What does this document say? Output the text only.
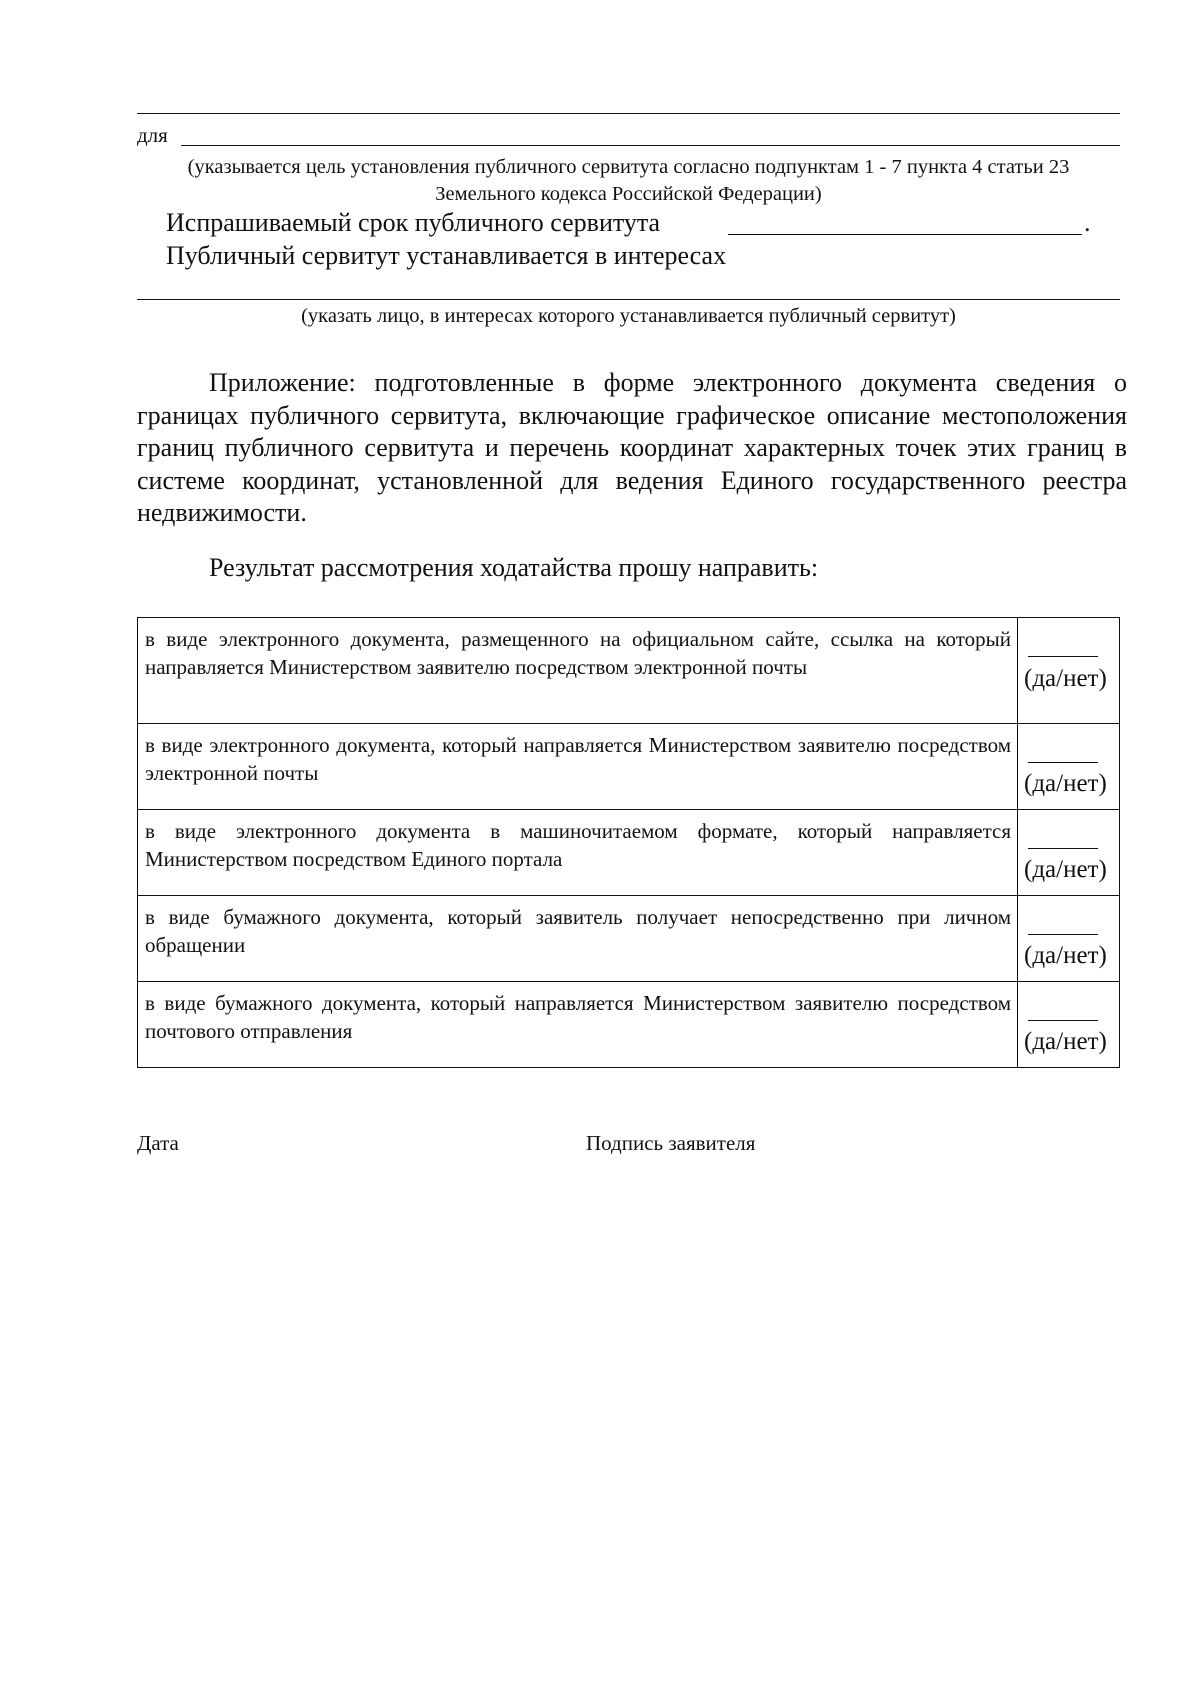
для
(указывается цель установления публичного сервитута согласно подпунктам 1 - 7 пункта 4 статьи 23 Земельного кодекса Российской Федерации)
Испрашиваемый срок публичного сервитута	.
Публичный сервитут устанавливается в интересах
(указать лицо, в интересах которого устанавливается публичный сервитут)

Приложение: подготовленные в форме электронного документа сведения о границах публичного сервитута, включающие графическое описание местоположения границ публичного сервитута и перечень координат характерных точек этих границ в системе координат, установленной для ведения Единого государственного реестра недвижимости.

Результат рассмотрения ходатайства прошу направить:
в виде электронного документа, размещенного на официальном сайте, ссылка на который направляется Министерством заявителю посредством электронной почты	(да/нет)

в виде электронного документа, который направляется Министерством заявителю посредством электронной почты	(да/нет)

в виде электронного документа в машиночитаемом формате, который направляется Министерством посредством Единого портала	(да/нет)

в виде бумажного документа, который заявитель получает непосредственно при личном обращении	(да/нет)

в виде бумажного документа, который направляется Министерством заявителю посредством почтового отправления	(да/нет)
Дата	Подпись заявителя
